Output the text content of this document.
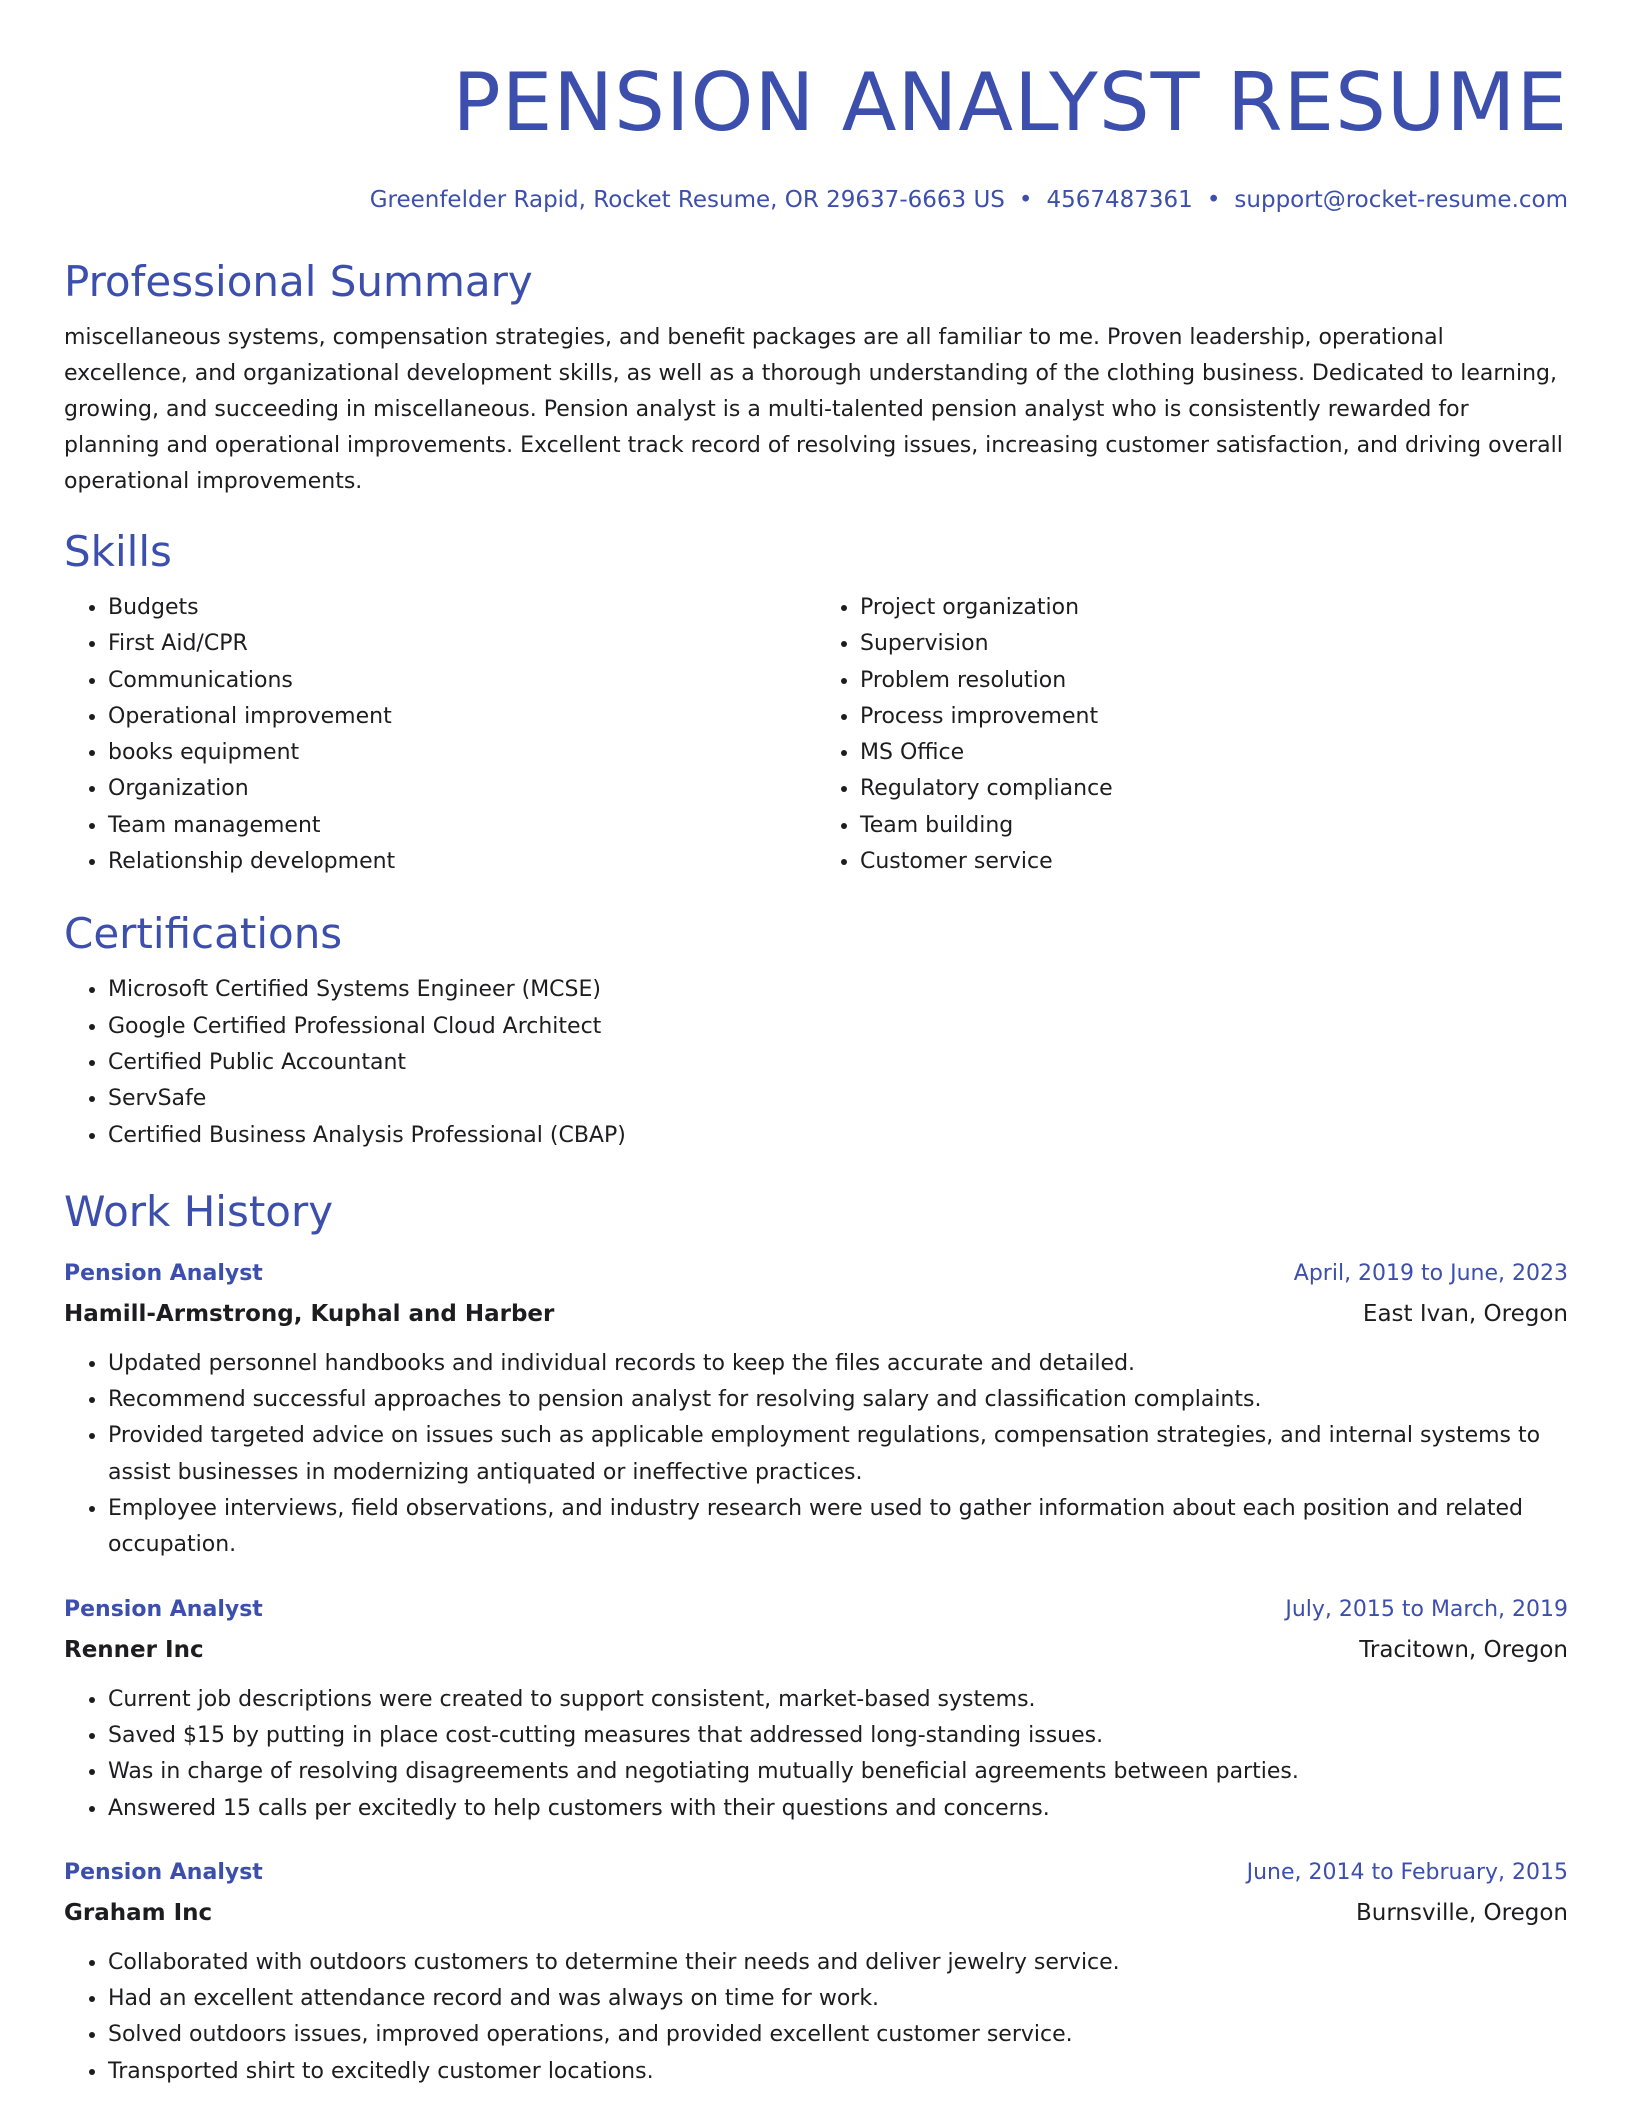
PENSION ANALYST RESUME
Greenfelder Rapid, Rocket Resume, OR 29637-6663 US • 4567487361 • support@rocket-resume.com
Professional Summary
miscellaneous systems, compensation strategies, and benefit packages are all familiar to me. Proven leadership, operational excellence, and organizational development skills, as well as a thorough understanding of the clothing business. Dedicated to learning, growing, and succeeding in miscellaneous. Pension analyst is a multi-talented pension analyst who is consistently rewarded for planning and operational improvements. Excellent track record of resolving issues, increasing customer satisfaction, and driving overall operational improvements.
Skills
• Budgets
• First Aid/CPR
• Communications
• Operational improvement
• books equipment
• Organization
• Team management
• Relationship development
• Project organization
• Supervision
• Problem resolution
• Process improvement
• MS Office
• Regulatory compliance
• Team building
• Customer service
Certifications
• Microsoft Certified Systems Engineer (MCSE)
• Google Certified Professional Cloud Architect
• Certified Public Accountant
• ServSafe
• Certified Business Analysis Professional (CBAP)
Work History
Pension Analyst	April, 2019 to June, 2023
Hamill-Armstrong, Kuphal and Harber	East Ivan, Oregon
• Updated personnel handbooks and individual records to keep the files accurate and detailed.
• Recommend successful approaches to pension analyst for resolving salary and classification complaints.
• Provided targeted advice on issues such as applicable employment regulations, compensation strategies, and internal systems to assist businesses in modernizing antiquated or ineffective practices.
• Employee interviews, field observations, and industry research were used to gather information about each position and related occupation.
Pension Analyst	July, 2015 to March, 2019
Renner Inc	Tracitown, Oregon
• Current job descriptions were created to support consistent, market-based systems.
• Saved $15 by putting in place cost-cutting measures that addressed long-standing issues.
• Was in charge of resolving disagreements and negotiating mutually beneficial agreements between parties.
• Answered 15 calls per excitedly to help customers with their questions and concerns.
Pension Analyst	June, 2014 to February, 2015
Graham Inc	Burnsville, Oregon
• Collaborated with outdoors customers to determine their needs and deliver jewelry service.
• Had an excellent attendance record and was always on time for work.
• Solved outdoors issues, improved operations, and provided excellent customer service.
• Transported shirt to excitedly customer locations.
